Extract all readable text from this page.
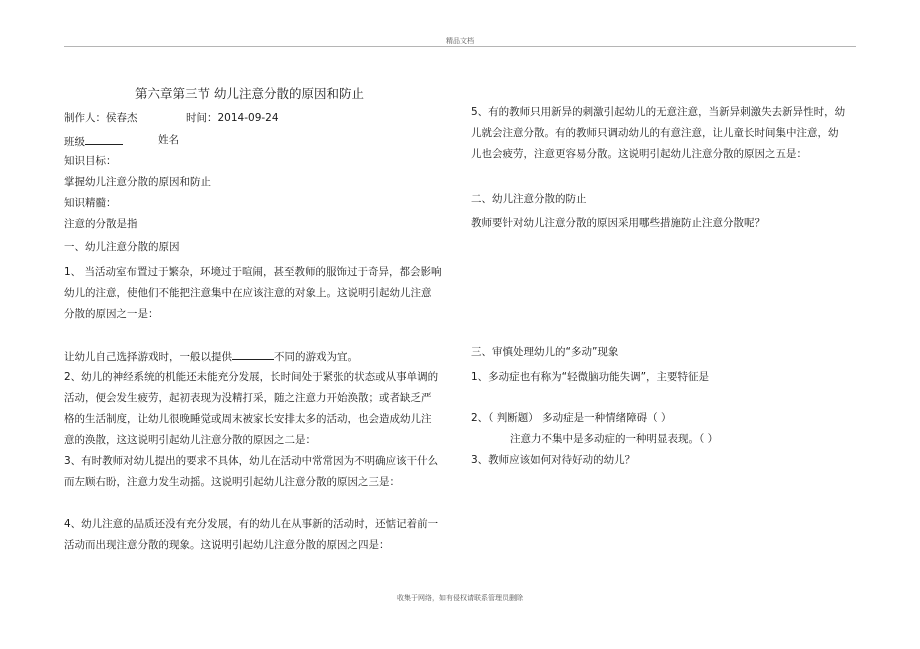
精品文档
第六章第三节 幼儿注意分散的原因和防止
制作人：侯春杰	时间：2014-09-24
班级	姓名
知识目标：
掌握幼儿注意分散的原因和防止
知识精髓：
注意的分散是指
一、幼儿注意分散的原因
1、 当活动室布置过于繁杂，环境过于喧闹，甚至教师的服饰过于奇异，都会影响
幼儿的注意，使他们不能把注意集中在应该注意的对象上。这说明引起幼儿注意
分散的原因之一是：
让幼儿自己选择游戏时，一般以提供	不同的游戏为宜。
2、幼儿的神经系统的机能还未能充分发展，长时间处于紧张的状态或从事单调的
活动，便会发生疲劳，起初表现为没精打采，随之注意力开始涣散；或者缺乏严
格的生活制度，让幼儿很晚睡觉或周末被家长安排太多的活动，也会造成幼儿注
意的涣散，这这说明引起幼儿注意分散的原因之二是：
3、有时教师对幼儿提出的要求不具体，幼儿在活动中常常因为不明确应该干什么
而左顾右盼，注意力发生动摇。这说明引起幼儿注意分散的原因之三是：
4、幼儿注意的品质还没有充分发展，有的幼儿在从事新的活动时，还惦记着前一
活动而出现注意分散的现象。这说明引起幼儿注意分散的原因之四是：
5、有的教师只用新异的刺激引起幼儿的无意注意，当新异刺激失去新异性时，幼
儿就会注意分散。有的教师只调动幼儿的有意注意，让儿童长时间集中注意，幼
儿也会疲劳，注意更容易分散。这说明引起幼儿注意分散的原因之五是：
二、幼儿注意分散的防止
教师要针对幼儿注意分散的原因采用哪些措施防止注意分散呢？
三、审慎处理幼儿的“多动”现象
1、多动症也有称为“轻微脑功能失调”，主要特征是
2、（ 判断题） 多动症是一种情绪障碍（ ）
注意力不集中是多动症的一种明显表现。（ ）
3、教师应该如何对待好动的幼儿？
收集于网络，如有侵权请联系管理员删除
